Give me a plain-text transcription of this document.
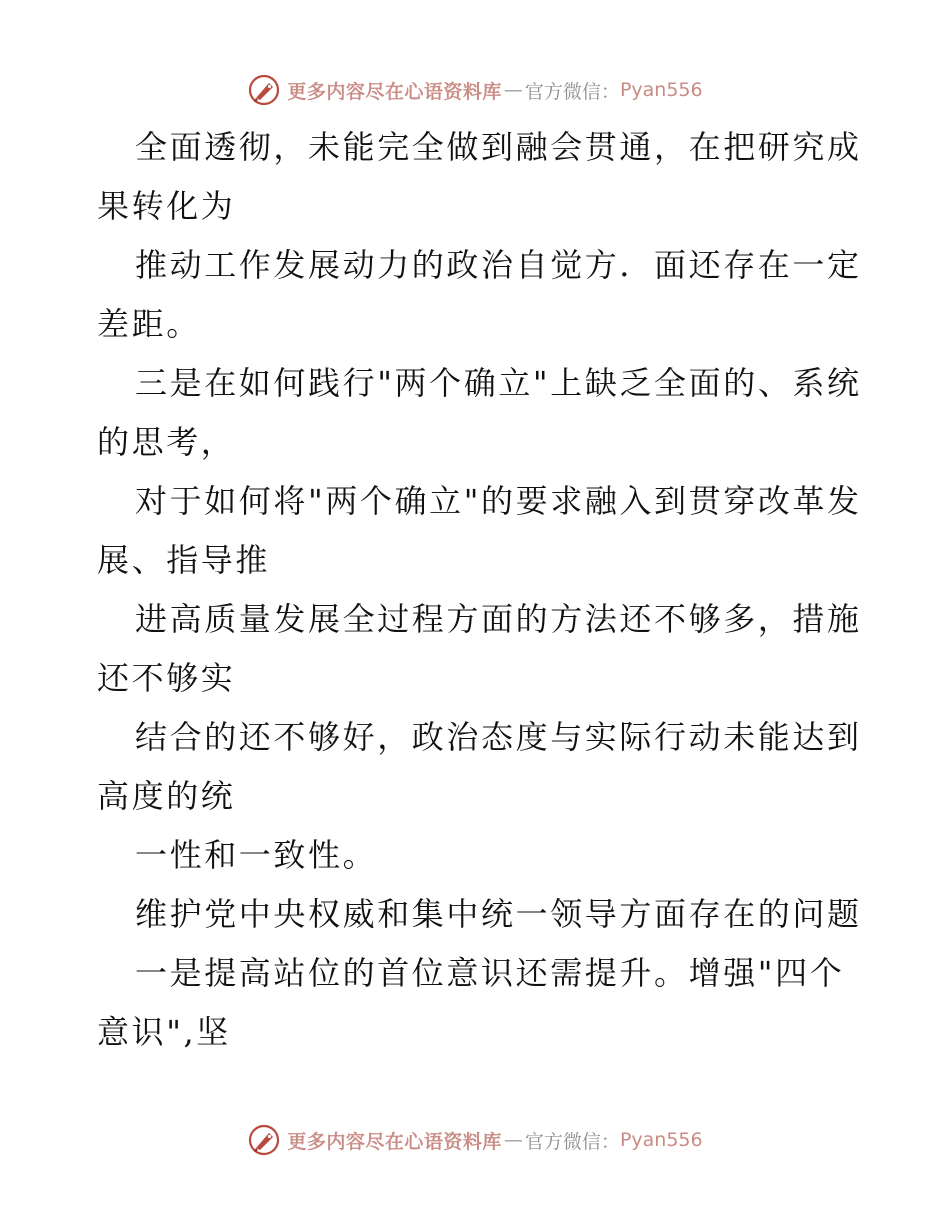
更多内容尽在心语资料库 — 官方微信： Pyan556
全面透彻，未能完全做到融会贯通，在把研究成
果转化为
推动工作发展动力的政治自觉方．面还存在一定
差距。
三是在如何践行"两个确立"上缺乏全面的、系统
的思考，
对于如何将"两个确立"的要求融入到贯穿改革发
展、指导推
进高质量发展全过程方面的方法还不够多，措施
还不够实
结合的还不够好，政治态度与实际行动未能达到
高度的统
一性和一致性。
维护党中央权威和集中统一领导方面存在的问题
一是提高站位的首位意识还需提升。增强"四个
意识",坚
更多内容尽在心语资料库 — 官方微信： Pyan556
